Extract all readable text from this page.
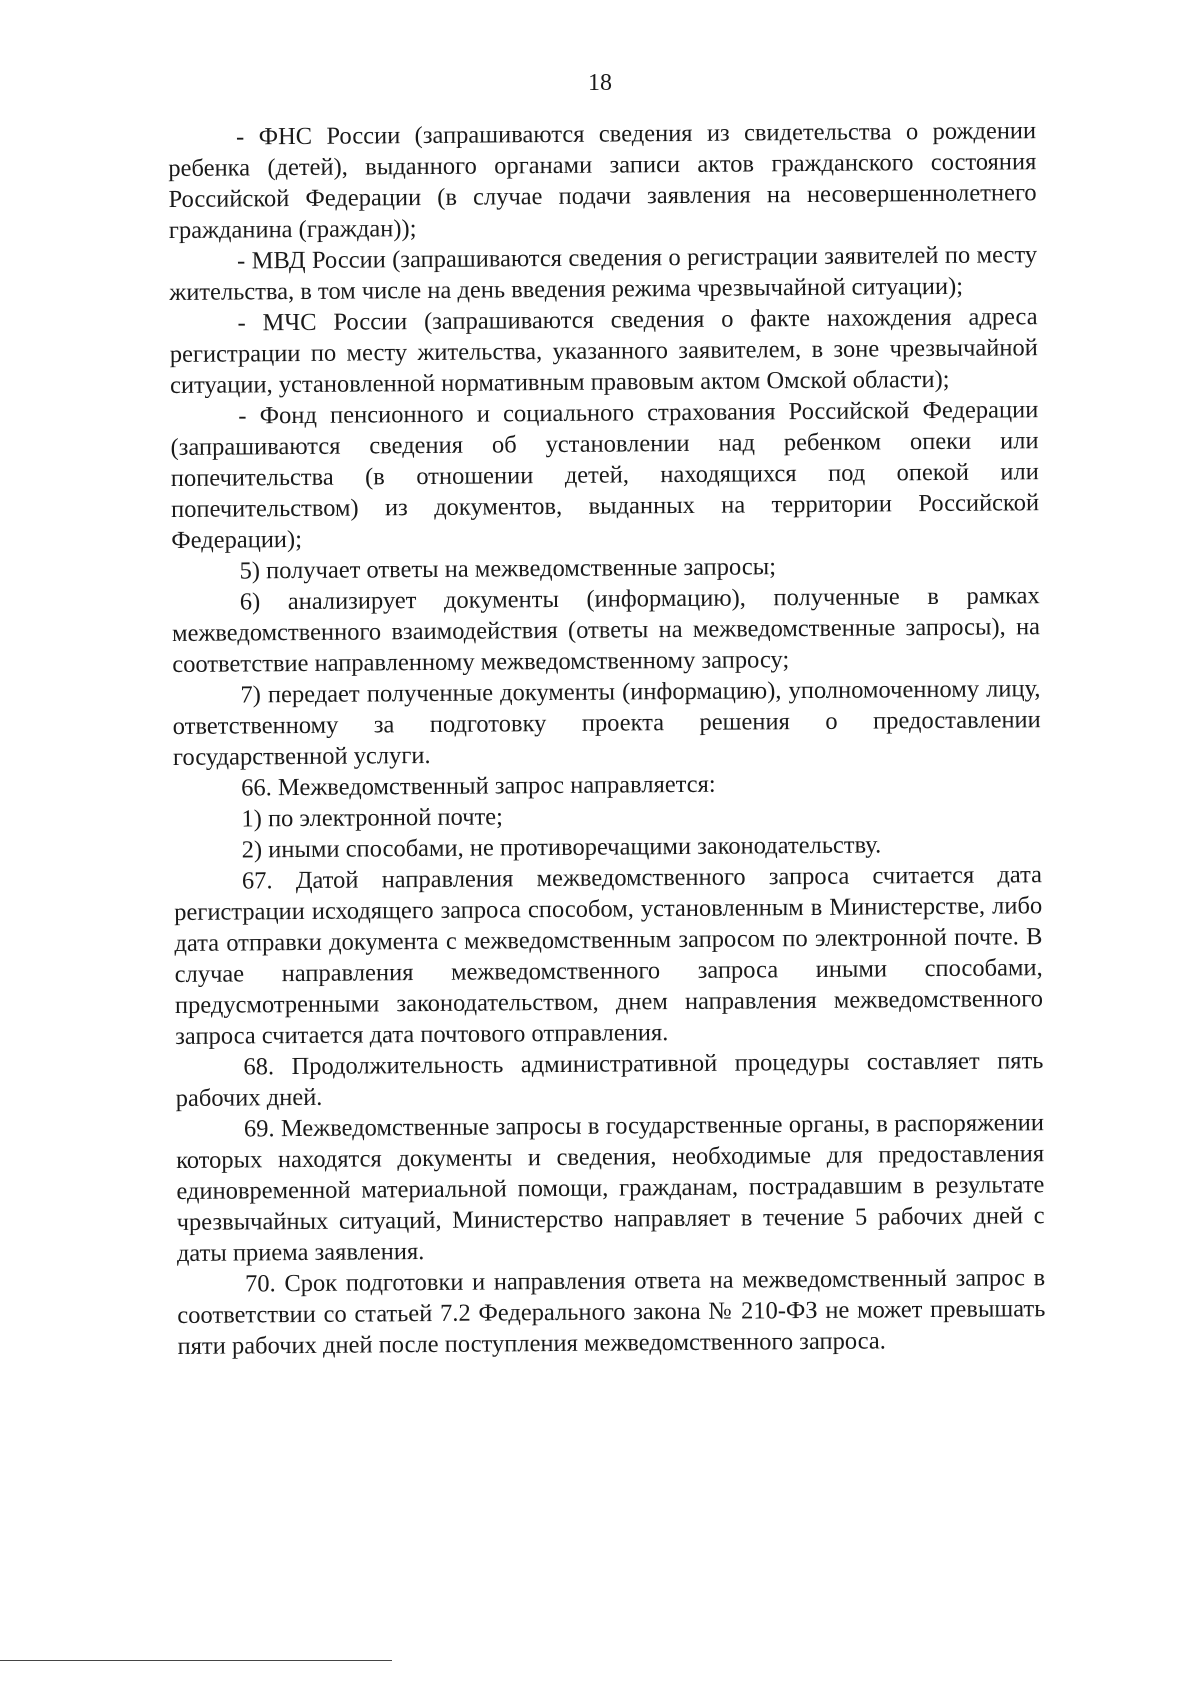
18

- ФНС России (запрашиваются сведения из свидетельства о рождении ребенка (детей), выданного органами записи актов гражданского состояния Российской Федерации (в случае подачи заявления на несовершеннолетнего гражданина (граждан));

- МВД России (запрашиваются сведения о регистрации заявителей по месту жительства, в том числе на день введения режима чрезвычайной ситуации);

- МЧС России (запрашиваются сведения о факте нахождения адреса регистрации по месту жительства, указанного заявителем, в зоне чрезвычайной ситуации, установленной нормативным правовым актом Омской области);

- Фонд пенсионного и социального страхования Российской Федерации (запрашиваются сведения об установлении над ребенком опеки или попечительства (в отношении детей, находящихся под опекой или попечительством) из документов, выданных на территории Российской Федерации);

5) получает ответы на межведомственные запросы;

6) анализирует документы (информацию), полученные в рамках межведомственного взаимодействия (ответы на межведомственные запросы), на соответствие направленному межведомственному запросу;

7) передает полученные документы (информацию), уполномоченному лицу, ответственному за подготовку проекта решения о предоставлении государственной услуги.

66. Межведомственный запрос направляется:

1) по электронной почте;

2) иными способами, не противоречащими законодательству.

67. Датой направления межведомственного запроса считается дата регистрации исходящего запроса способом, установленным в Министерстве, либо дата отправки документа с межведомственным запросом по электронной почте. В случае направления межведомственного запроса иными способами, предусмотренными законодательством, днем направления межведомственного запроса считается дата почтового отправления.

68. Продолжительность административной процедуры составляет пять рабочих дней.

69. Межведомственные запросы в государственные органы, в распоряжении которых находятся документы и сведения, необходимые для предоставления единовременной материальной помощи, гражданам, пострадавшим в результате чрезвычайных ситуаций, Министерство направляет в течение 5 рабочих дней с даты приема заявления.

70. Срок подготовки и направления ответа на межведомственный запрос в соответствии со статьей 7.2 Федерального закона № 210-ФЗ не может превышать пяти рабочих дней после поступления межведомственного запроса.
